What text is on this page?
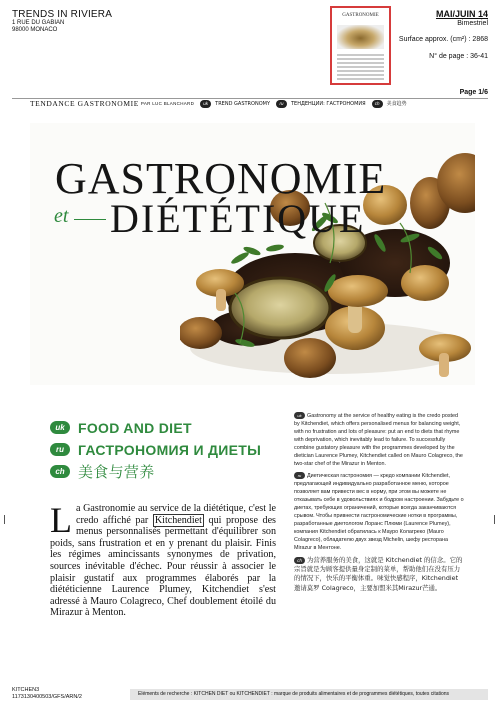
TRENDS IN RIVIERA
1 RUE DU GABIAN
98000 MONACO
GASTRONOMIE	MAI/JUIN 14
Bimestriel
Surface approx. (cm²) : 2868
N° de page : 36-41
Page 1/6
TENDANCE GASTRONOMIE PAR LUC BLANCHARD	uk	TREND GASTRONOMY	ru	ТЕНДЕНЦИИ: ГАСТРОНОМИЯ	ch	美食趋势
GASTRONOMIE
et DIÉTÉTIQUE
uk FOOD AND DIET
ru	ГАСТРОНОМИЯ И ДИЕТЫ
ch 美食与营养
La Gastronomie au service de la diététique, c'est le credo affiché par Kitchendiet qui propose des menus personnalisés permettant d'équilibrer son poids, sans frustration et en y prenant du plaisir. Finis les régimes amincissants synonymes de privation, sources inévitable d'échec. Pour réussir à associer le plaisir gustatif aux programmes élaborés par la diététicienne Laurence Plumey, Kitchendiet s'est adressé à Mauro Colagreco, Chef doublement étoilé du Mirazur à Menton.

uk Gastronomy at the service of healthy eating is the credo posted by Kitchendiet, which offers personalised menus for balancing weight, with no frustration and lots of pleasure: put an end to diets that rhyme with deprivation, which inevitably lead to failure. To successfully combine gustatory pleasure with the programmes developed by the dietician Laurence Plumey, Kitchendiet called on Mauro Colagreco, the two-star chef of the Mirazur in Menton.

ru Диетическая гастрономия — кредо компании Kitchendiet, предлагающей индивидуально разработанное меню, которое позволяет вам привести вес в норму, при этом вы можете не отказывать себе в удовольствиях и бодром настроении. Забудьте о диетах, требующих ограничений, которые всегда заканчиваются срывом. Чтобы привнести гастрономические нотки в программы, разработанные диетологом Лоранс Плюми (Laurence Plumey), компания Kitchendiet обратилась к Мауро Колагреко (Mauro Colagreco), обладателю двух звезд Michelin, шефу ресторана Mirazur в Ментоне.

ch 为营养服务的美食，这就是 Kitchendiet 的信念。它的宗旨就是为顾客提供量身定制的菜单，帮助他们在没有压力的情况下，快乐的平衡体重。味觉快感程序，Kitchendiet邀请莫罗 Colagreco，主要加盟米其Mirazur芒通。

KITCHEN3
1173130400503/GFS/ARN/2	Eléments de recherche : KITCHEN DIET ou KITCHENDIET : marque de produits alimentaires et de programmes diététiques, toutes citations
